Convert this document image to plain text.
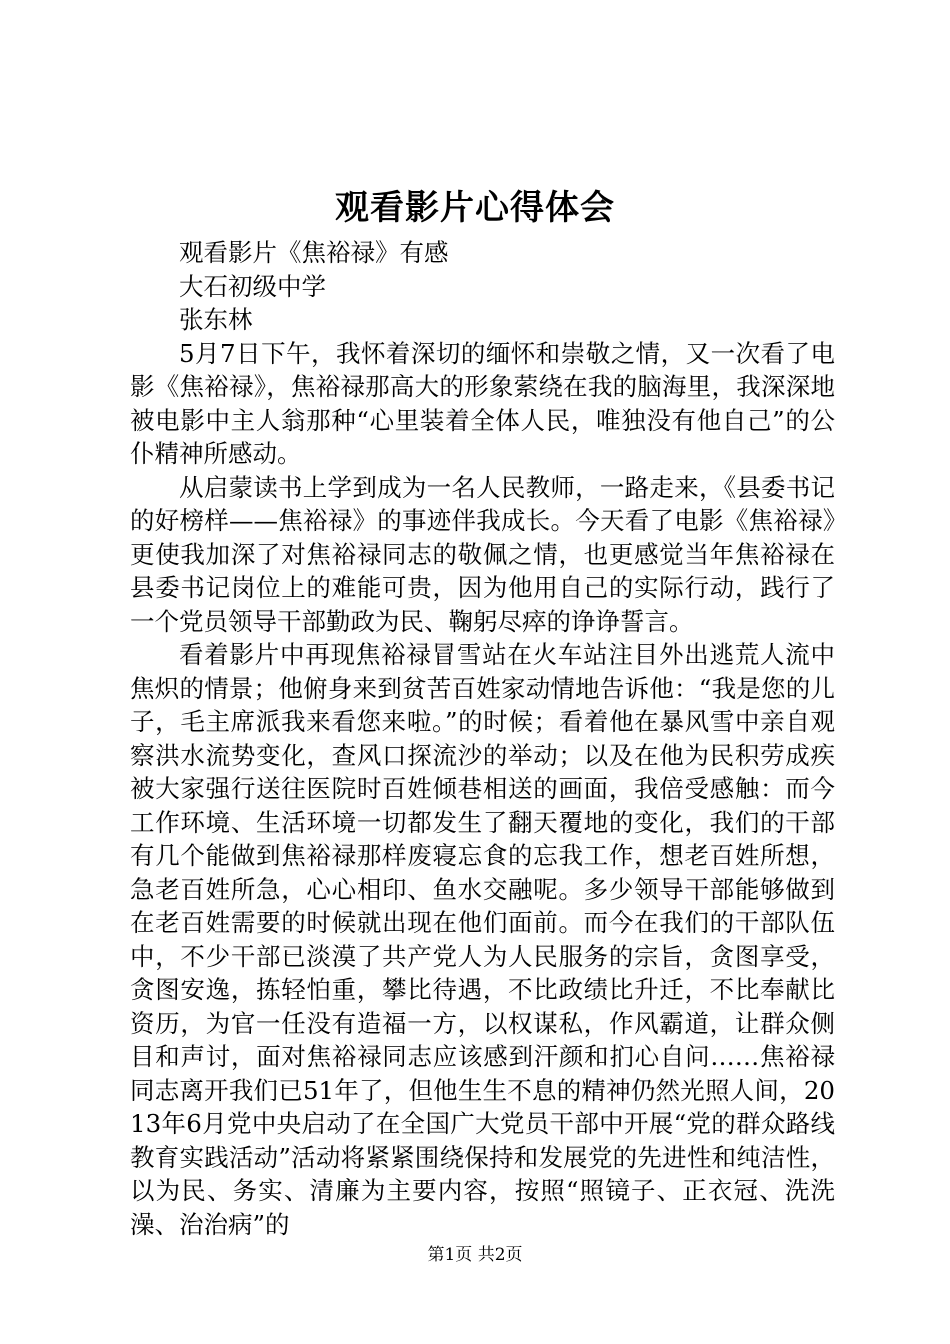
观看影片心得体会

观看影片《焦裕禄》有感

大石初级中学

张东林

5月7日下午，我怀着深切的缅怀和崇敬之情，又一次看了电影《焦裕禄》，焦裕禄那高大的形象萦绕在我的脑海里，我深深地被电影中主人翁那种“心里装着全体人民，唯独没有他自己”的公仆精神所感动。

从启蒙读书上学到成为一名人民教师，一路走来，《县委书记的好榜样——焦裕禄》的事迹伴我成长。今天看了电影《焦裕禄》更使我加深了对焦裕禄同志的敬佩之情，也更感觉当年焦裕禄在县委书记岗位上的难能可贵，因为他用自己的实际行动，践行了一个党员领导干部勤政为民、鞠躬尽瘁的诤诤誓言。

看着影片中再现焦裕禄冒雪站在火车站注目外出逃荒人流中焦炽的情景；他俯身来到贫苦百姓家动情地告诉他：“我是您的儿子，毛主席派我来看您来啦。”的时候；看着他在暴风雪中亲自观察洪水流势变化，查风口探流沙的举动；以及在他为民积劳成疾被大家强行送往医院时百姓倾巷相送的画面，我倍受感触：而今工作环境、生活环境一切都发生了翻天覆地的变化，我们的干部有几个能做到焦裕禄那样废寝忘食的忘我工作，想老百姓所想，急老百姓所急，心心相印、鱼水交融呢。多少领导干部能够做到在老百姓需要的时候就出现在他们面前。而今在我们的干部队伍中，不少干部已淡漠了共产党人为人民服务的宗旨，贪图享受，贪图安逸，拣轻怕重，攀比待遇，不比政绩比升迁，不比奉献比资历，为官一任没有造福一方，以权谋私，作风霸道，让群众侧目和声讨，面对焦裕禄同志应该感到汗颜和扪心自问……焦裕禄同志离开我们已51年了，但他生生不息的精神仍然光照人间，2013年6月党中央启动了在全国广大党员干部中开展“党的群众路线教育实践活动”活动将紧紧围绕保持和发展党的先进性和纯洁性，以为民、务实、清廉为主要内容，按照“照镜子、正衣冠、洗洗澡、治治病”的

第1页 共2页
